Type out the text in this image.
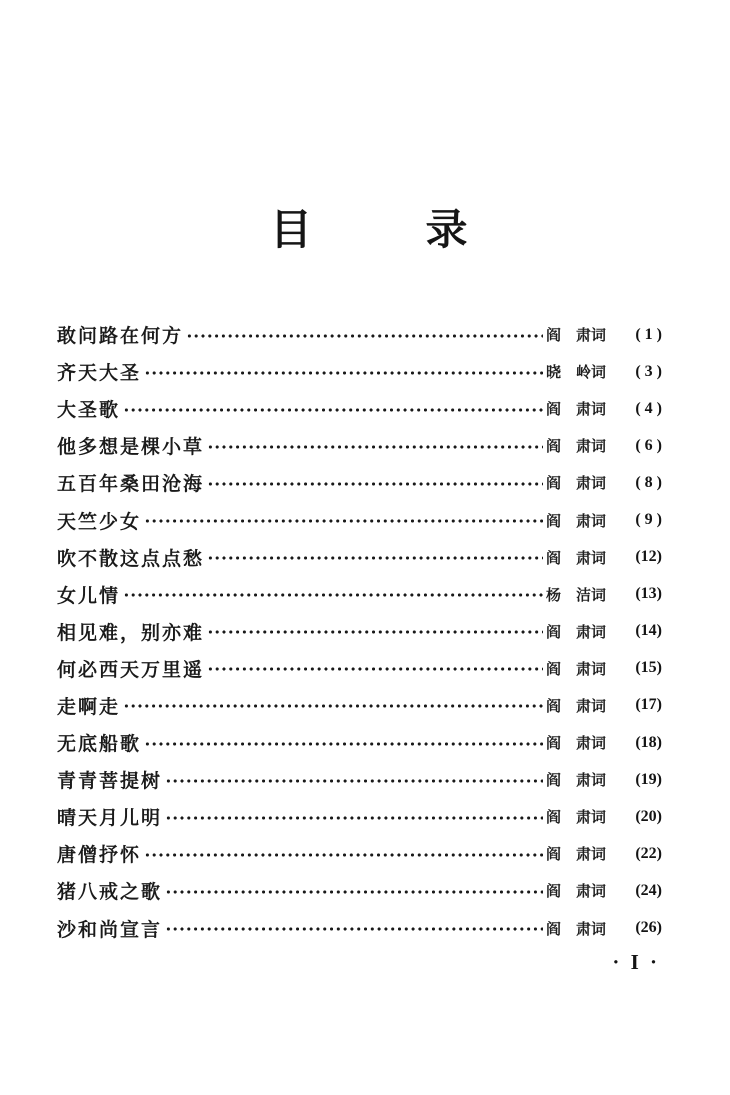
目	录
敢问路在何方	阎　肃词	( 1 )
齐天大圣	晓　岭词	( 3 )
大圣歌	阎　肃词	( 4 )
他多想是棵小草	阎　肃词	( 6 )
五百年桑田沧海	阎　肃词	( 8 )
天竺少女	阎　肃词	( 9 )
吹不散这点点愁	阎　肃词	(12)
女儿情	杨　洁词	(13)
相见难，别亦难	阎　肃词	(14)
何必西天万里遥	阎　肃词	(15)
走啊走	阎　肃词	(17)
无底船歌	阎　肃词	(18)
青青菩提树	阎　肃词	(19)
晴天月儿明	阎　肃词	(20)
唐僧抒怀	阎　肃词	(22)
猪八戒之歌	阎　肃词	(24)
沙和尚宣言	阎　肃词	(26)
· I ·
